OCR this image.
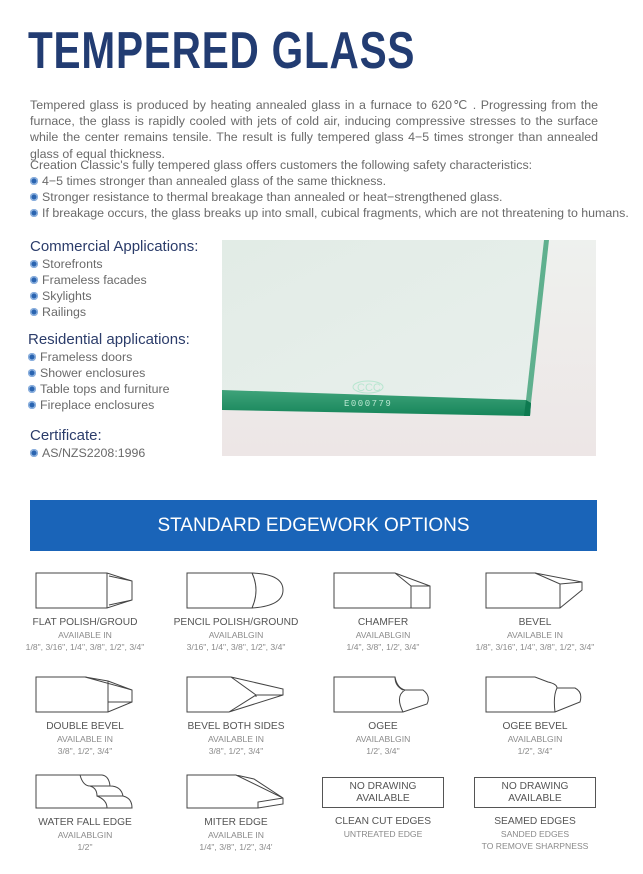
TEMPERED GLASS

Tempered glass is produced by heating annealed glass in a furnace to 620℃ . Progressing from the furnace, the glass is rapidly cooled with jets of cold air, inducing compressive stresses to the surface while the center remains tensile. The result is fully tempered glass 4−5 times stronger than annealed glass of equal thickness.

Creation Classic's fully tempered glass offers customers the following safety characteristics:
4−5 times stronger than annealed glass of the same thickness.
Stronger resistance to thermal breakage than annealed or heat−strengthened glass.
If breakage occurs, the glass breaks up into small, cubical fragments, which are not threatening to humans.
Commercial Applications:
Storefronts
Frameless facades
Skylights
Railings
Residential applications:
Frameless doors
Shower enclosures
Table tops and furniture
Fireplace enclosures
Certificate:
AS/NZS2208:1996
CCC
E000779
STANDARD EDGEWORK OPTIONS
FLAT POLISH/GROUD
AVAIIABLE IN
1/8", 3/16", 1/4", 3/8", 1/2", 3/4"
PENCIL POLISH/GROUND
AVAILABLGIN
3/16", 1/4", 3/8", 1/2", 3/4"
CHAMFER
AVAILABLGIN
1/4", 3/8", 1/2', 3/4"
BEVEL
AVAILABLE IN
1/8", 3/16", 1/4", 3/8", 1/2", 3/4"
DOUBLE BEVEL
AVAILABLE IN
3/8", 1/2", 3/4"
BEVEL BOTH SIDES
AVAILABLE IN
3/8", 1/2", 3/4"
OGEE
AVAILABLGIN
1/2', 3/4''
OGEE BEVEL
AVAILABLGIN
1/2", 3/4"
WATER FALL EDGE
AVAILABLGIN
1/2"
MITER EDGE
AVAILABLE IN
1/4", 3/8'', 1/2", 3/4'
NO DRAWING
AVAILABLE
CLEAN CUT EDGES
UNTREATED EDGE
NO DRAWING
AVAILABLE
SEAMED EDGES
SANDED EDGES
TO REMOVE SHARPNESS
